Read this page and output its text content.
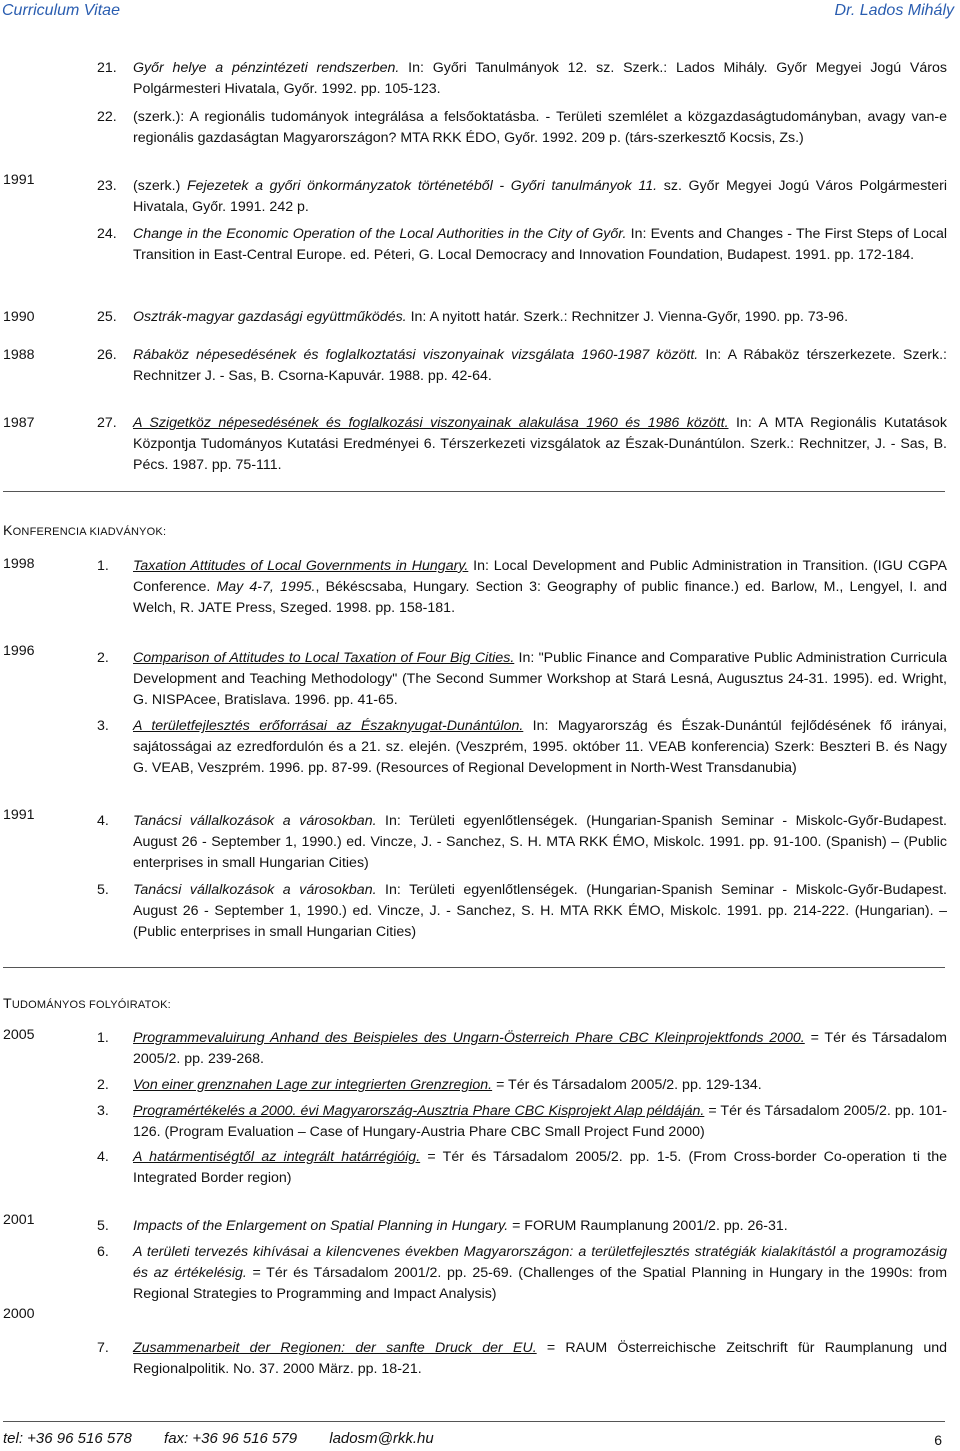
Curriculum Vitae	Dr. Lados Mihály
21. Győr helye a pénzintézeti rendszerben. In: Győri Tanulmányok 12. sz. Szerk.: Lados Mihály. Győr Megyei Jogú Város Polgármesteri Hivatala, Győr. 1992. pp. 105-123.
22. (szerk.): A regionális tudományok integrálása a felsőoktatásba. - Területi szemlélet a közgazdaságtudományban, avagy van-e regionális gazdaságtan Magyarországon? MTA RKK ÉDO, Győr. 1992. 209 p. (társ-szerkesztő Kocsis, Zs.)
1991	23. (szerk.) Fejezetek a győri önkormányzatok történetéből - Győri tanulmányok 11. sz. Győr Megyei Jogú Város Polgármesteri Hivatala, Győr. 1991. 242 p.
24. Change in the Economic Operation of the Local Authorities in the City of Győr. In: Events and Changes - The First Steps of Local Transition in East-Central Europe. ed. Péteri, G. Local Democracy and Innovation Foundation, Budapest. 1991. pp. 172-184.
1990	25. Osztrák-magyar gazdasági együttműködés. In: A nyitott határ. Szerk.: Rechnitzer J. Vienna-Győr, 1990. pp. 73-96.
1988	26. Rábaköz népesedésének és foglalkoztatási viszonyainak vizsgálata 1960-1987 között. In: A Rábaköz térszerkezete. Szerk.: Rechnitzer J. - Sas, B. Csorna-Kapuvár. 1988. pp. 42-64.
1987	27. A Szigetköz népesedésének és foglalkozási viszonyainak alakulása 1960 és 1986 között. In: A MTA Regionális Kutatások Központja Tudományos Kutatási Eredményei 6. Térszerkezeti vizsgálatok az Észak-Dunántúlon. Szerk.: Rechnitzer, J. - Sas, B. Pécs. 1987. pp. 75-111.
KONFERENCIA KIADVÁNYOK:
1998	1. Taxation Attitudes of Local Governments in Hungary. In: Local Development and Public Administration in Transition. (IGU CGPA Conference. May 4-7, 1995., Békéscsaba, Hungary. Section 3: Geography of public finance.) ed. Barlow, M., Lengyel, I. and Welch, R. JATE Press, Szeged. 1998. pp. 158-181.
1996	2. Comparison of Attitudes to Local Taxation of Four Big Cities. In: "Public Finance and Comparative Public Administration Curricula Development and Teaching Methodology" (The Second Summer Workshop at Stará Lesná, Augusztus 24-31. 1995). ed. Wright, G. NISPAcee, Bratislava. 1996. pp. 41-65.
3. A területfejlesztés erőforrásai az Északnyugat-Dunántúlon. In: Magyarország és Észak-Dunántúl fejlődésének fő irányai, sajátosságai az ezredfordulón és a 21. sz. elején. (Veszprém, 1995. október 11. VEAB konferencia) Szerk: Beszteri B. és Nagy G. VEAB, Veszprém. 1996. pp. 87-99. (Resources of Regional Development in North-West Transdanubia)
1991	4. Tanácsi vállalkozások a városokban. In: Területi egyenlőtlenségek. (Hungarian-Spanish Seminar - Miskolc-Győr-Budapest. August 26 - September 1, 1990.) ed. Vincze, J. - Sanchez, S. H. MTA RKK ÉMO, Miskolc. 1991. pp. 91-100. (Spanish) – (Public enterprises in small Hungarian Cities)
5. Tanácsi vállalkozások a városokban. In: Területi egyenlőtlenségek. (Hungarian-Spanish Seminar - Miskolc-Győr-Budapest. August 26 - September 1, 1990.) ed. Vincze, J. - Sanchez, S. H. MTA RKK ÉMO, Miskolc. 1991. pp. 214-222. (Hungarian). – (Public enterprises in small Hungarian Cities)
TUDOMÁNYOS FOLYÓIRATOK:
2005	1. Programmevaluirung Anhand des Beispieles des Ungarn-Österreich Phare CBC Kleinprojektfonds 2000. = Tér és Társadalom 2005/2. pp. 239-268.
2. Von einer grenznahen Lage zur integrierten Grenzregion. = Tér és Társadalom 2005/2. pp. 129-134.
3. Programértékelés a 2000. évi Magyarország-Ausztria Phare CBC Kisprojekt Alap példáján. = Tér és Társadalom 2005/2. pp. 101-126. (Program Evaluation – Case of Hungary-Austria Phare CBC Small Project Fund 2000)
4. A határmentiségtől az integrált határrégióig. = Tér és Társadalom 2005/2. pp. 1-5. (From Cross-border Co-operation ti the Integrated Border region)
2001	5. Impacts of the Enlargement on Spatial Planning in Hungary. = FORUM Raumplanung 2001/2. pp. 26-31.
6. A területi tervezés kihívásai a kilencvenes években Magyarországon: a területfejlesztés stratégiák kialakítástól a programozásig és az értékelésig. = Tér és Társadalom 2001/2. pp. 25-69. (Challenges of the Spatial Planning in Hungary in the 1990s: from Regional Strategies to Programming and Impact Analysis)
2000
7. Zusammenarbeit der Regionen: der sanfte Druck der EU. = RAUM Österreichische Zeitschrift für Raumplanung und Regionalpolitik. No. 37. 2000 März. pp. 18-21.
tel: +36 96 516 578 fax: +36 96 516 579 ladosm@rkk.hu	6
